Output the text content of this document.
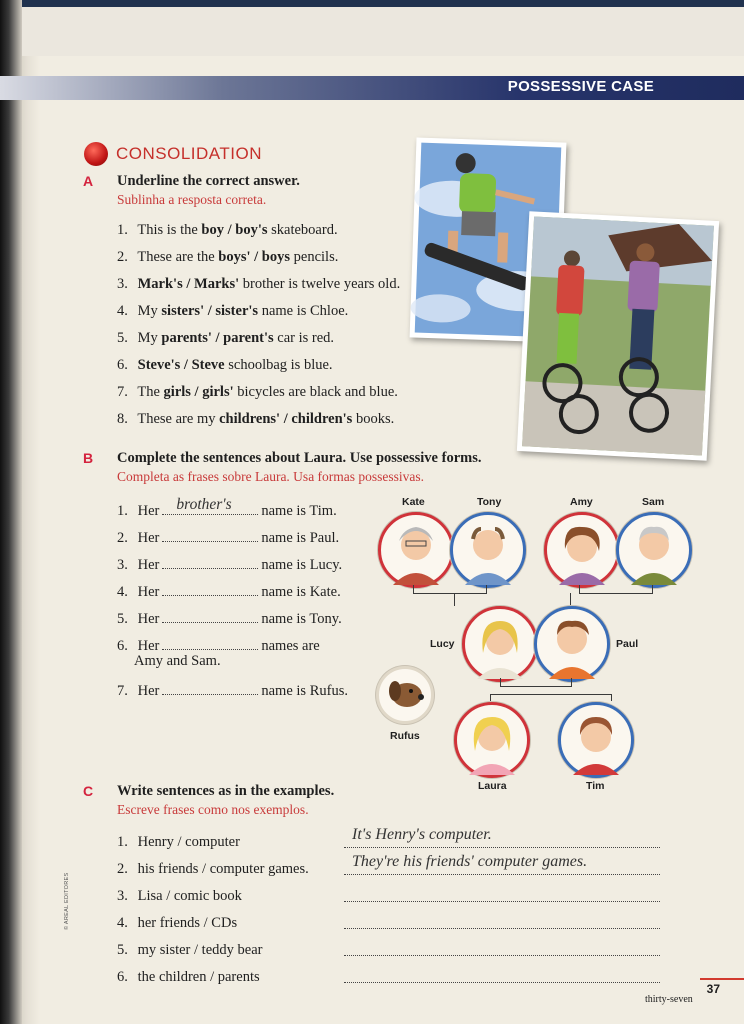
POSSESSIVE CASE
CONSOLIDATION
A Underline the correct answer.
Sublinha a resposta correta.
1. This is the boy / boy's skateboard.
2. These are the boys' / boys pencils.
3. Mark's / Marks' brother is twelve years old.
4. My sisters' / sister's name is Chloe.
5. My parents' / parent's car is red.
6. Steve's / Steve schoolbag is blue.
7. The girls / girls' bicycles are black and blue.
8. These are my childrens' / children's books.
B Complete the sentences about Laura. Use possessive forms.
Completa as frases sobre Laura. Usa formas possessivas.
1. Her brother's name is Tim.
2. Her	name is Paul.
3. Her	name is Lucy.
4. Her	name is Kate.
5. Her	name is Tony.
6. Her	names are
Amy and Sam.
7. Her	name is Rufus.
Kate	Tony	Amy	Sam
Lucy	Paul
Rufus
Laura	Tim
C Write sentences as in the examples.
Escreve frases como nos exemplos.
1. Henry / computer	It's Henry's computer.
2. his friends / computer games.	They're his friends' computer games.
3. Lisa / comic book
4. her friends / CDs
5. my sister / teddy bear
6. the children / parents
© AREAL EDITORES
37
thirty-seven
